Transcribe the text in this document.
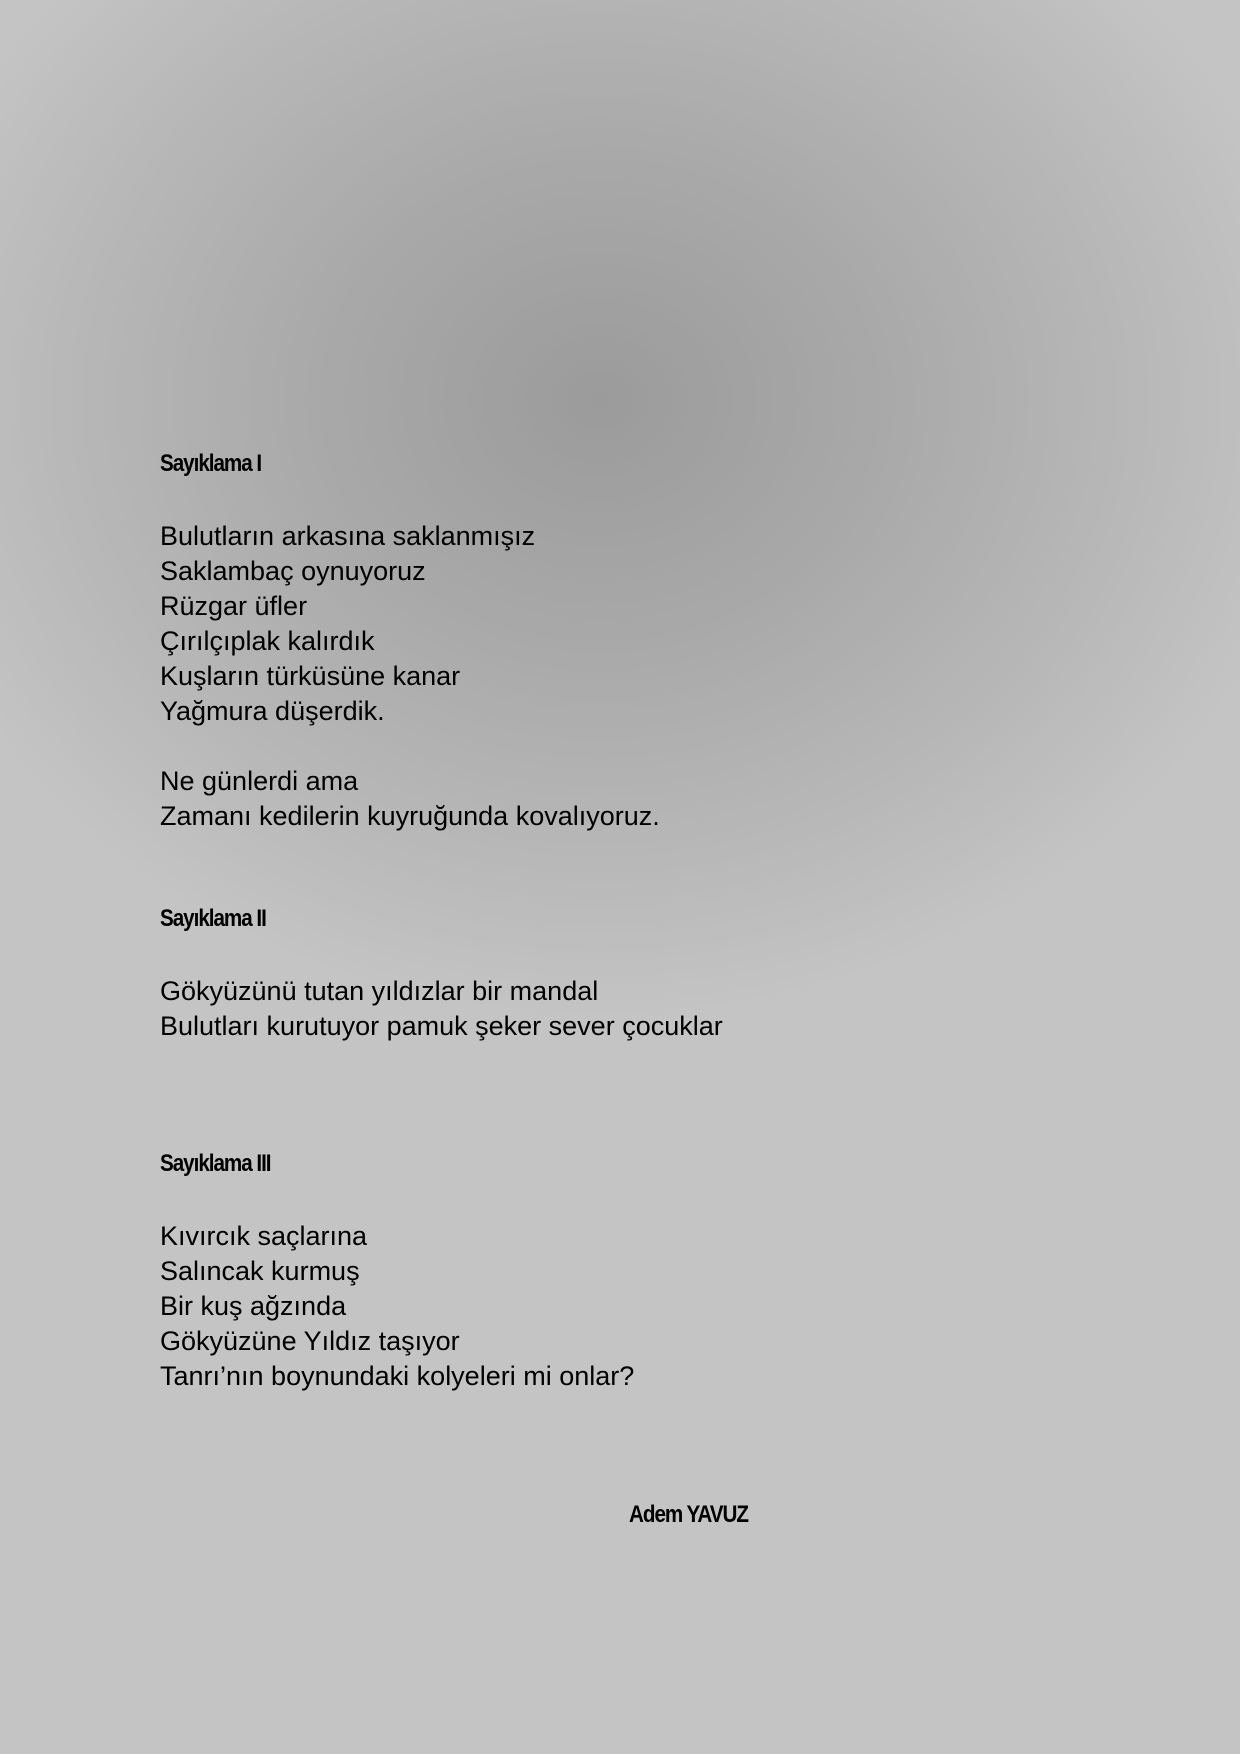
Sayıklama I
Bulutların arkasına saklanmışız
Saklambaç oynuyoruz
Rüzgar üfler
Çırılçıplak kalırdık
Kuşların türküsüne kanar
Yağmura düşerdik.
Ne günlerdi ama
Zamanı kedilerin kuyruğunda kovalıyoruz.
Sayıklama II
Gökyüzünü tutan yıldızlar bir mandal
Bulutları kurutuyor pamuk şeker sever çocuklar
Sayıklama III
Kıvırcık saçlarına
Salıncak kurmuş
Bir kuş ağzında
Gökyüzüne Yıldız taşıyor
Tanrı’nın boynundaki kolyeleri mi onlar?
Adem YAVUZ
